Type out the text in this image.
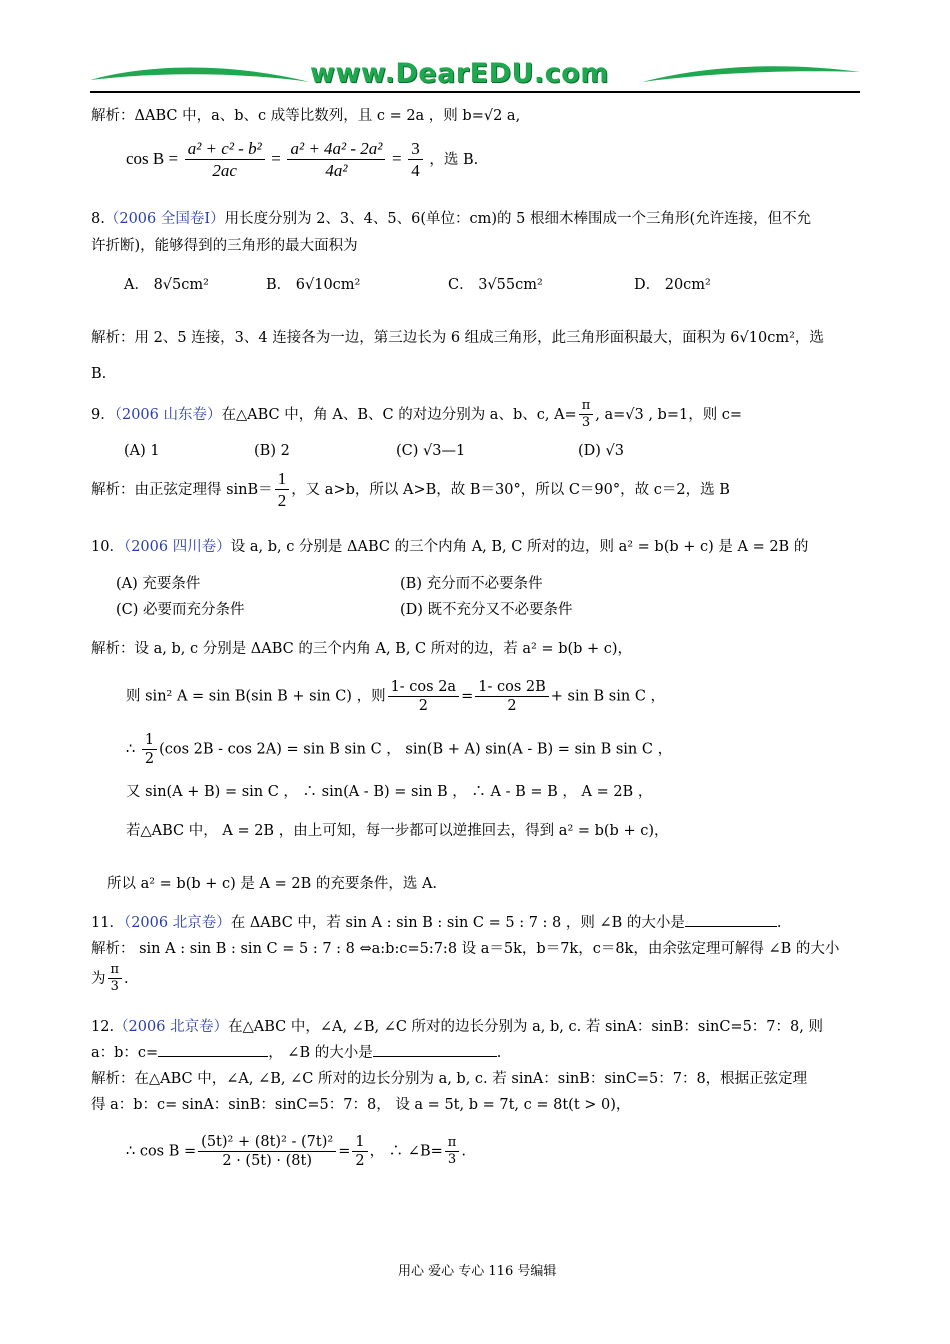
www.DearEDU.com
解析：ΔABC 中，a、b、c 成等比数列，且 c = 2a ，则 b=√2 a,
$\cos B = \frac{\text{a² + c² - b²}}{2ac} = \frac{\text{a² + 4a² - 2a²}}{\text{4a²}} = \frac{3}{4}$ ，选 B.
8.（2006 全国卷Ⅰ）用长度分别为 2、3、4、5、6(单位：cm)的 5 根细木棒围成一个三角形(允许连接，但不允
许折断)，能够得到的三角形的最大面积为
A． 8√5cm²	B． 6√10cm²	C． 3√55cm²	D． 20cm²
解析：用 2、5 连接，3、4 连接各为一边，第三边长为 6 组成三角形，此三角形面积最大，面积为 6√10cm²，选
B.
9．（2006 山东卷）在△ABC 中，角 A、B、C 的对边分别为 a、b、c, $A= \frac{\pi}{3}$ , a=√3 , b=1，则 c=
(A) 1	(B) 2	(C) √3—1	(D) √3
解析：由正弦定理得 $\sin B= \frac{1}{2}$ ，又 a>b，所以 A>B，故 B＝30°，所以 C＝90°，故 c＝2，选 B
10．（2006 四川卷）设 a, b, c 分别是 ΔABC 的三个内角 A, B, C 所对的边，则 a² = b(b + c) 是 A = 2B 的
(A) 充要条件	(B) 充分而不必要条件
(C) 必要而充分条件	(D) 既不充分又不必要条件
解析：设 a, b, c 分别是 ΔABC 的三个内角 A, B, C 所对的边，若 a² = b(b + c)，
则 sin² A = sin B(sin B + sin C) ，则 $\frac{1- \cos 2a}{2} = \frac{1- \cos 2B}{2} + \sin B$ sin C ，
∴ $\frac{1}{2} (\cos$ 2B - cos 2A) = sin B sin C ， sin(B + A) sin(A - B) = sin B sin C ，
又 sin(A + B) = sin C ， ∴ sin(A - B) = sin B ， ∴ A - B = B ， A = 2B ，
若△ABC 中， A = 2B ，由上可知，每一步都可以逆推回去，得到 a² = b(b + c)，
所以 a² = b(b + c) 是 A = 2B 的充要条件，选 A.
11．（2006 北京卷）在 ΔABC 中，若 sin A : sin B : sin C = 5 : 7 : 8 ，则 ∠B 的大小是	.
解析： sin A : sin B : sin C = 5 : 7 : 8 ⇔a:b:c=5:7:8 设 a＝5k，b＝7k，c＝8k，由余弦定理可解得 ∠B 的大小
为 $\frac{\pi}{3}$ .
12.（2006 北京卷）在△ABC 中，∠A, ∠B, ∠C 所对的边长分别为 a, b, c. 若 sinA：sinB：sinC=5：7：8, 则
a：b：c=	， ∠B 的大小是	.
解析：在△ABC 中，∠A, ∠B, ∠C 所对的边长分别为 a, b, c. 若 sinA：sinB：sinC=5：7：8，根据正弦定理
得 a：b：c= sinA：sinB：sinC=5：7：8， 设 a = 5t, b = 7t, c = 8t(t > 0)，
∴ $\cos B = \frac{\text{(5t)² + (8t)² - (7t)²}}{2 \cdot (5t) \cdot (8t)} = \frac{1}{2}$ ， ∴ ∠B= $\frac{\pi}{3}$ .
用心 爱心 专心 116 号编辑
